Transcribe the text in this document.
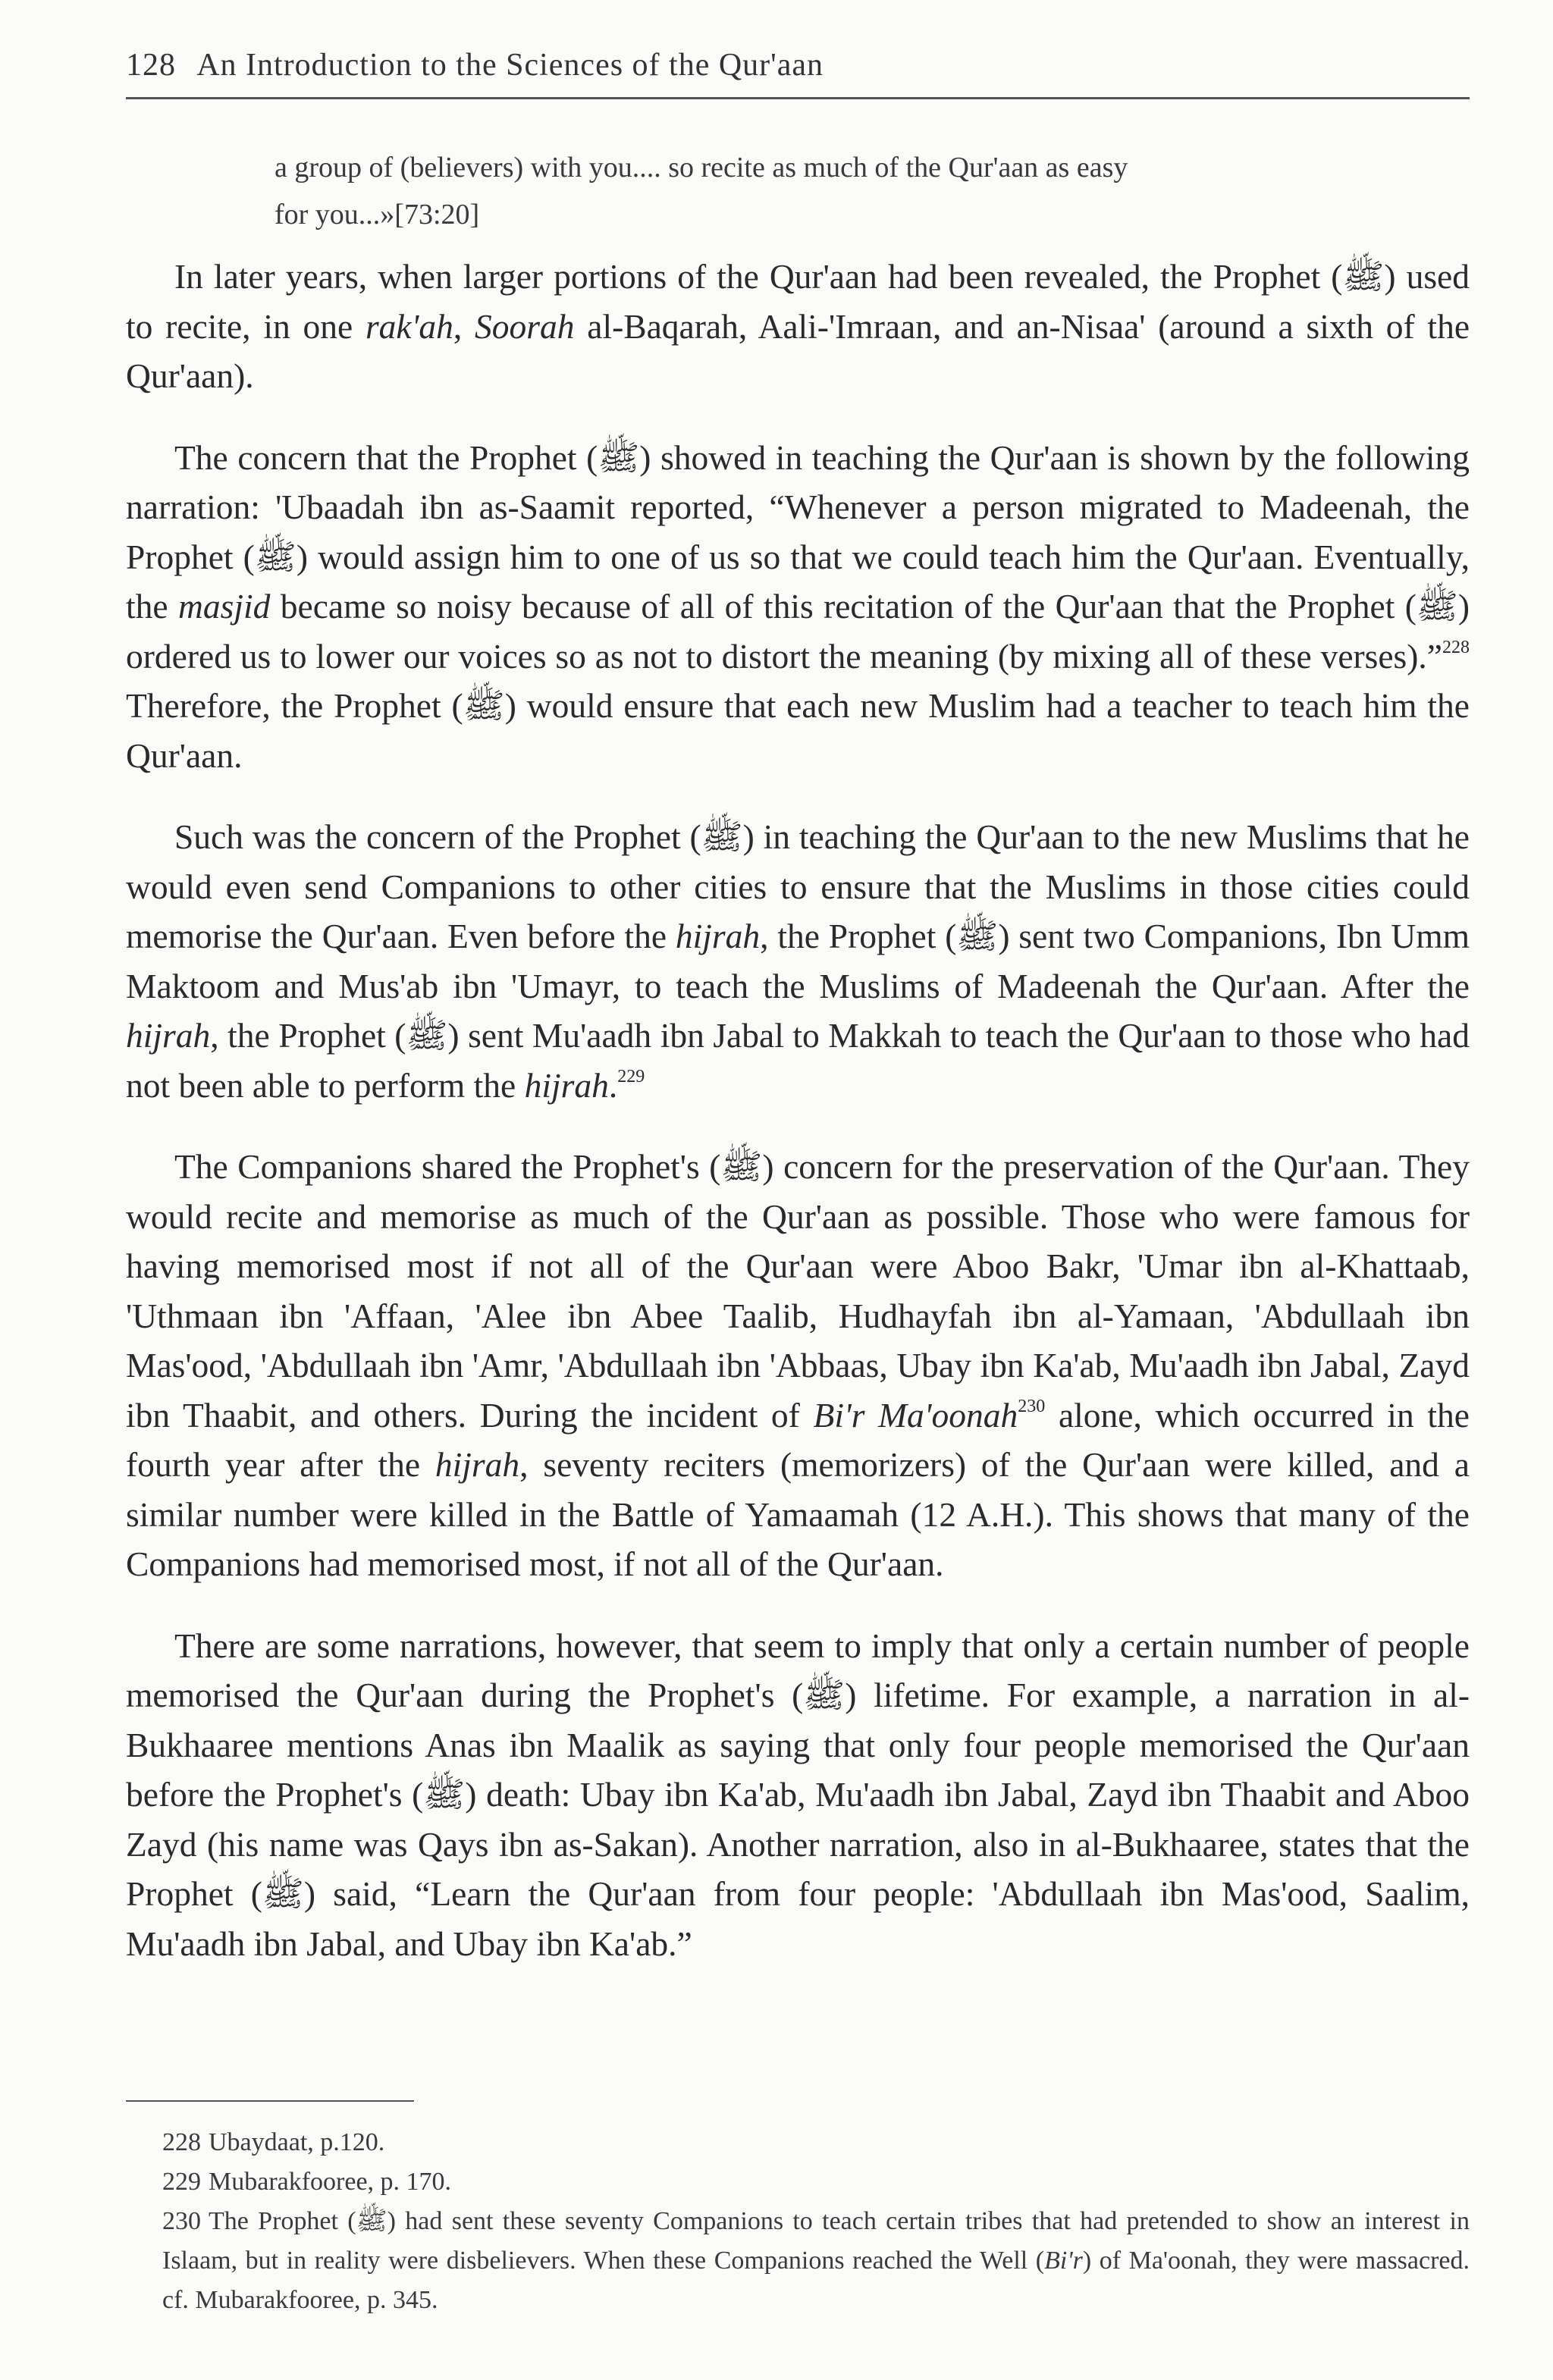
128 An Introduction to the Sciences of the Qur'aan
a group of (believers) with you.... so recite as much of the Qur'aan as easy
for you...»[73:20]

In later years, when larger portions of the Qur'aan had been revealed, the Prophet (ﷺ) used to recite, in one rak'ah, Soorah al-Baqarah, Aali-'Imraan, and an-Nisaa' (around a sixth of the Qur'aan).

The concern that the Prophet (ﷺ) showed in teaching the Qur'aan is shown by the following narration: 'Ubaadah ibn as-Saamit reported, “Whenever a person migrated to Madeenah, the Prophet (ﷺ) would assign him to one of us so that we could teach him the Qur'aan. Eventually, the masjid became so noisy because of all of this recitation of the Qur'aan that the Prophet (ﷺ) ordered us to lower our voices so as not to distort the meaning (by mixing all of these verses).”$^{228}$ Therefore, the Prophet (ﷺ) would ensure that each new Muslim had a teacher to teach him the Qur'aan.

Such was the concern of the Prophet (ﷺ) in teaching the Qur'aan to the new Muslims that he would even send Companions to other cities to ensure that the Muslims in those cities could memorise the Qur'aan. Even before the hijrah, the Prophet (ﷺ) sent two Companions, Ibn Umm Maktoom and Mus'ab ibn 'Umayr, to teach the Muslims of Madeenah the Qur'aan. After the hijrah, the Prophet (ﷺ) sent Mu'aadh ibn Jabal to Makkah to teach the Qur'aan to those who had not been able to perform the hijrah.$^{229}$

The Companions shared the Prophet's (ﷺ) concern for the preservation of the Qur'aan. They would recite and memorise as much of the Qur'aan as possible. Those who were famous for having memorised most if not all of the Qur'aan were Aboo Bakr, 'Umar ibn al-Khattaab, 'Uthmaan ibn 'Affaan, 'Alee ibn Abee Taalib, Hudhayfah ibn al-Yamaan, 'Abdullaah ibn Mas'ood, 'Abdullaah ibn 'Amr, 'Abdullaah ibn 'Abbaas, Ubay ibn Ka'ab, Mu'aadh ibn Jabal, Zayd ibn Thaabit, and others. During the incident of Bi'r Ma'oonah$^{230}$ alone, which occurred in the fourth year after the hijrah, seventy reciters (memorizers) of the Qur'aan were killed, and a similar number were killed in the Battle of Yamaamah (12 A.H.). This shows that many of the Companions had memorised most, if not all of the Qur'aan.

There are some narrations, however, that seem to imply that only a certain number of people memorised the Qur'aan during the Prophet's (ﷺ) lifetime. For example, a narration in al-Bukhaaree mentions Anas ibn Maalik as saying that only four people memorised the Qur'aan before the Prophet's (ﷺ) death: Ubay ibn Ka'ab, Mu'aadh ibn Jabal, Zayd ibn Thaabit and Aboo Zayd (his name was Qays ibn as-Sakan). Another narration, also in al-Bukhaaree, states that the Prophet (ﷺ) said, “Learn the Qur'aan from four people: 'Abdullaah ibn Mas'ood, Saalim, Mu'aadh ibn Jabal, and Ubay ibn Ka'ab.”

228 Ubaydaat, p.120.

229 Mubarakfooree, p. 170.

230 The Prophet (ﷺ) had sent these seventy Companions to teach certain tribes that had pretended to show an interest in Islaam, but in reality were disbelievers. When these Companions reached the Well (Bi'r) of Ma'oonah, they were massacred. cf. Mubarakfooree, p. 345.
